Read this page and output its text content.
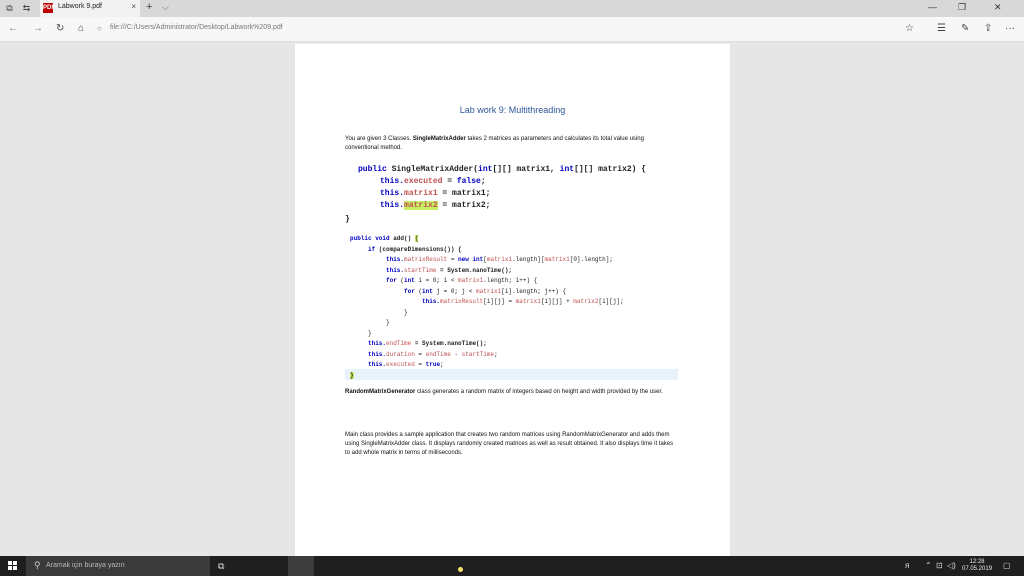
⧉	⇆	PDF Labwork 9.pdf	× + ⌵	— ❐	✕
← → ↻ ⌂ ○ file:///C:/Users/Administrator/Desktop/Labwork%209.pdf	☆ ☰ ✎ ⇪ ···
Lab work 9: Multithreading
You are given 3 Classes. SingleMatrixAdder takes 2 matrices as parameters and calculates its total value using conventional method.
public SingleMatrixAdder(int[][] matrix1, int[][] matrix2) {
this.executed = false;
this.matrix1 = matrix1;
this.matrix2 = matrix2;
}
public void add() {
if (compareDimensions()) {
this.matrixResult = new int[matrix1.length][matrix1[0].length];
this.startTime = System.nanoTime();
for (int i = 0; i < matrix1.length; i++) {
for (int j = 0; j < matrix1[i].length; j++) {
this.matrixResult[i][j] = matrix1[i][j] + matrix2[i][j];
}
}
}
this.endTime = System.nanoTime();
this.duration = endTime - startTime;
this.executed = true;
}
RandomMatrixGenerator class generates a random matrix of integers based on height and width provided by the user.
Main class provides a sample application that creates two random matrices using RandomMatrixGenerator and adds them using SingleMatrixAdder class. It displays randomly created matrices as well as result obtained. It also displays time it takes to add whole matrix in terms of milliseconds.
⚲ Aramak için buraya yazın	⧉	ᴙ ⌃ ⊡ ◁)	12:28
07.05.2019 ▢
